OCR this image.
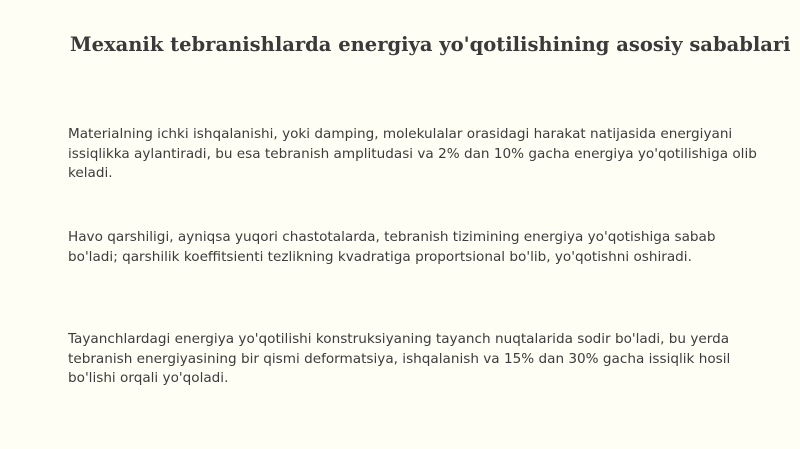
Mexanik tebranishlarda energiya yo'qotilishining asosiy sabablari

Materialning ichki ishqalanishi, yoki damping, molekulalar orasidagi harakat natijasida energiyani issiqlikka aylantiradi, bu esa tebranish amplitudasi va 2% dan 10% gacha energiya yo'qotilishiga olib keladi.

Havo qarshiligi, ayniqsa yuqori chastotalarda, tebranish tizimining energiya yo'qotishiga sabab bo'ladi; qarshilik koeffitsienti tezlikning kvadratiga proportsional bo'lib, yo'qotishni oshiradi.

Tayanchlardagi energiya yo'qotilishi konstruksiyaning tayanch nuqtalarida sodir bo'ladi, bu yerda tebranish energiyasining bir qismi deformatsiya, ishqalanish va 15% dan 30% gacha issiqlik hosil bo'lishi orqali yo'qoladi.
